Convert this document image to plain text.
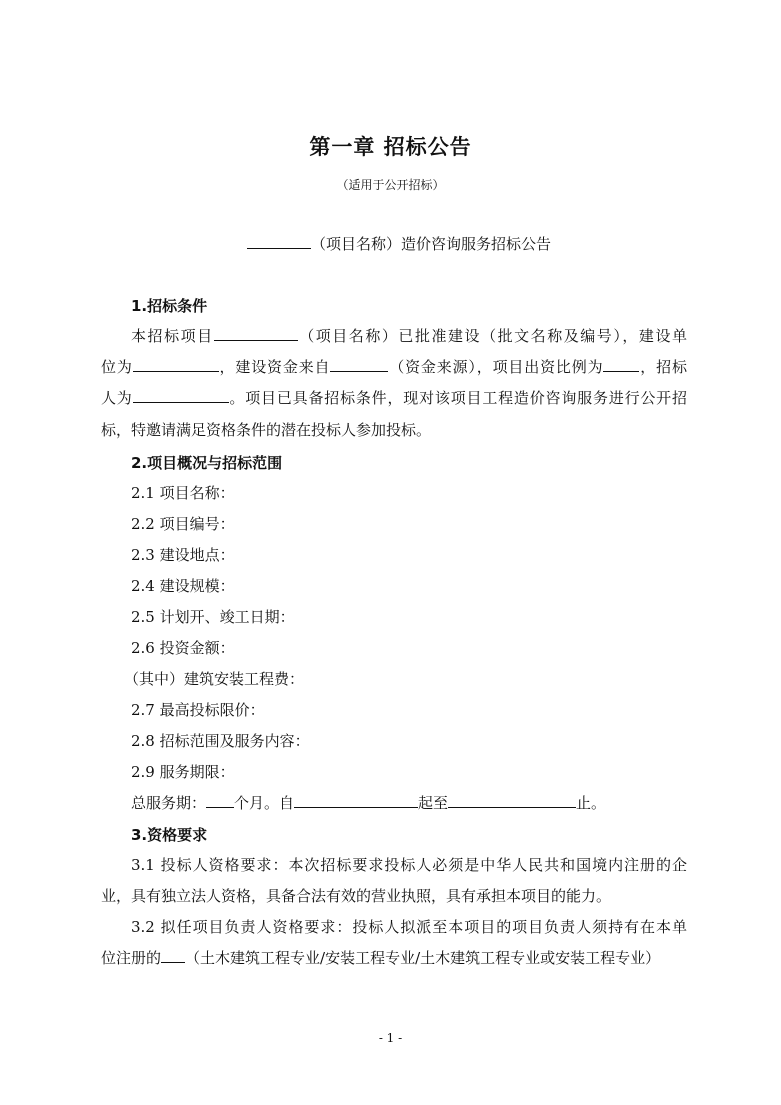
第一章 招标公告
（适用于公开招标）
（项目名称）造价咨询服务招标公告
1.招标条件
本招标项目	（项目名称）已批准建设（批文名称及编号），建设单
位为	，建设资金来自	（资金来源），项目出资比例为 ，招标
人为	。项目已具备招标条件，现对该项目工程造价咨询服务进行公开招
标，特邀请满足资格条件的潜在投标人参加投标。
2.项目概况与招标范围
2.1 项目名称：
2.2 项目编号：
2.3 建设地点：
2.4 建设规模：
2.5 计划开、竣工日期：
2.6 投资金额：
（其中）建筑安装工程费：
2.7 最高投标限价：
2.8 招标范围及服务内容：
2.9 服务期限：
总服务期： 个月。自	起至	止。
3.资格要求
3.1 投标人资格要求：本次招标要求投标人必须是中华人民共和国境内注册的企
业，具有独立法人资格，具备合法有效的营业执照，具有承担本项目的能力。
3.2 拟任项目负责人资格要求：投标人拟派至本项目的项目负责人须持有在本单
位注册的 （土木建筑工程专业/安装工程专业/土木建筑工程专业或安装工程专业）
- 1 -
